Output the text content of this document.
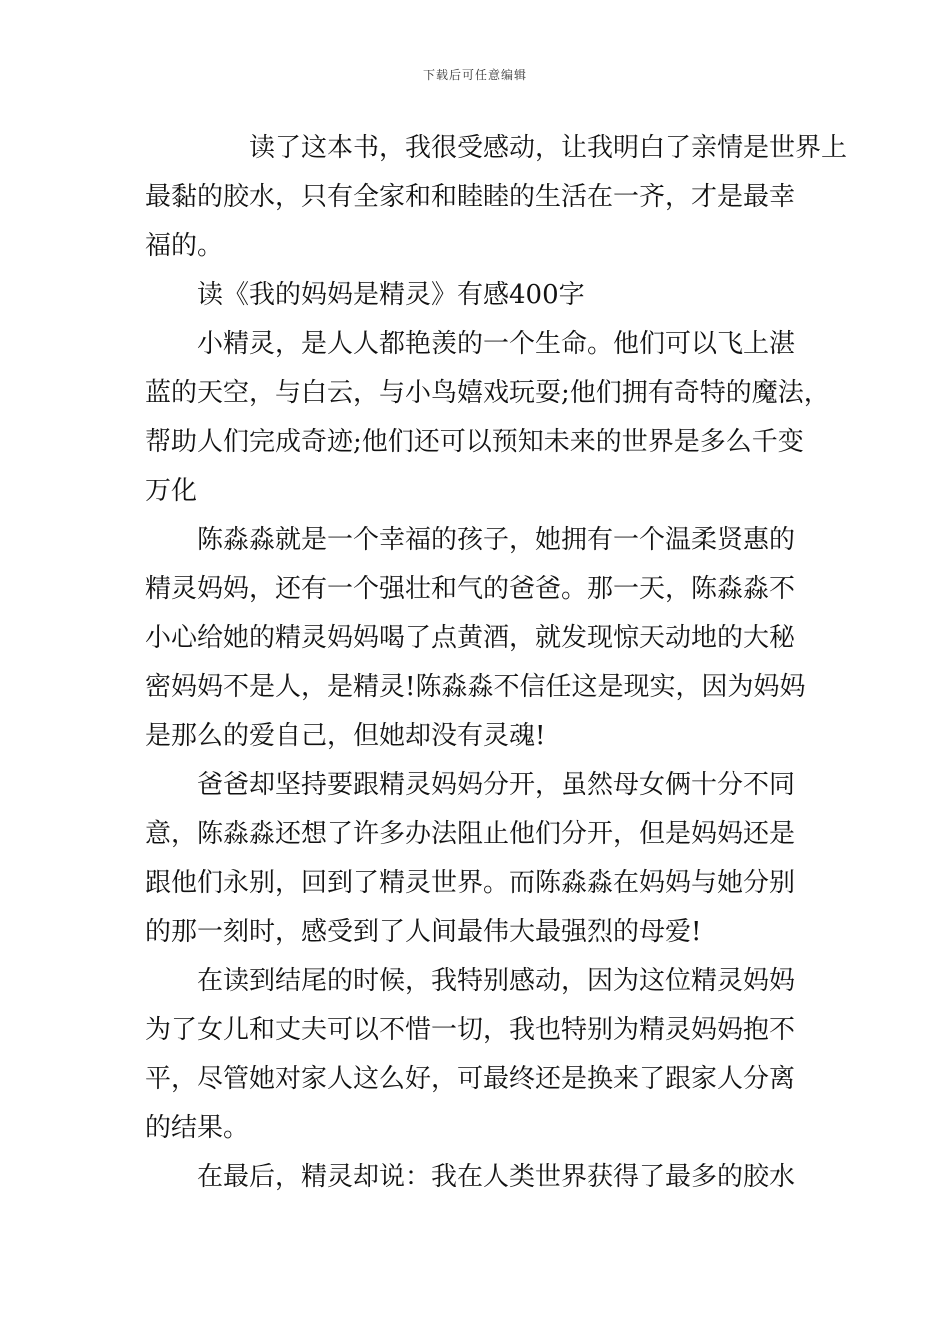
下载后可任意编辑

读了这本书，我很受感动，让我明白了亲情是世界上
最黏的胶水，只有全家和和睦睦的生活在一齐，才是最幸
福的。

读《我的妈妈是精灵》有感400字

小精灵，是人人都艳羡的一个生命。他们可以飞上湛
蓝的天空，与白云，与小鸟嬉戏玩耍;他们拥有奇特的魔法，
帮助人们完成奇迹;他们还可以预知未来的世界是多么千变
万化

陈淼淼就是一个幸福的孩子，她拥有一个温柔贤惠的
精灵妈妈，还有一个强壮和气的爸爸。那一天，陈淼淼不
小心给她的精灵妈妈喝了点黄酒，就发现惊天动地的大秘
密妈妈不是人，是精灵!陈淼淼不信任这是现实，因为妈妈
是那么的爱自己，但她却没有灵魂!

爸爸却坚持要跟精灵妈妈分开，虽然母女俩十分不同
意，陈淼淼还想了许多办法阻止他们分开，但是妈妈还是
跟他们永别，回到了精灵世界。而陈淼淼在妈妈与她分别
的那一刻时，感受到了人间最伟大最强烈的母爱!

在读到结尾的时候，我特别感动，因为这位精灵妈妈
为了女儿和丈夫可以不惜一切，我也特别为精灵妈妈抱不
平，尽管她对家人这么好，可最终还是换来了跟家人分离
的结果。

在最后，精灵却说：我在人类世界获得了最多的胶水
